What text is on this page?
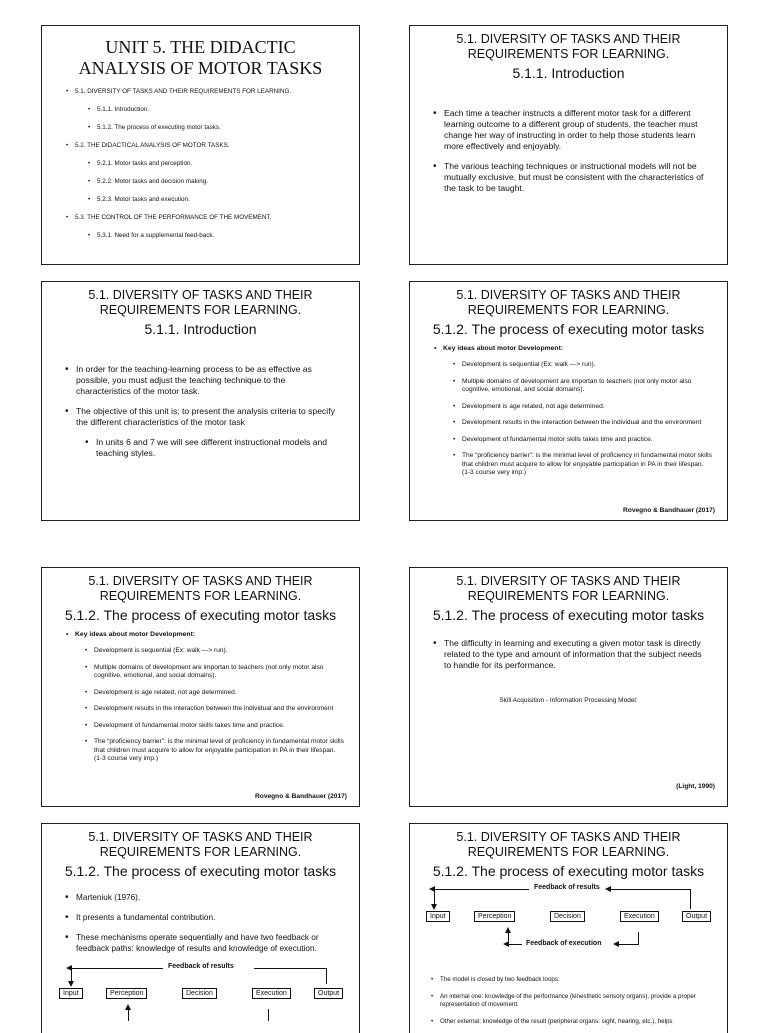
UNIT 5. THE DIDACTIC
ANALYSIS OF MOTOR TASKS
• 5.1. DIVERSITY OF TASKS AND THEIR REQUIREMENTS FOR LEARNING.
• 5.1.1. Introduction.
• 5.1.2. The process of executing motor tasks.
• 5.2. THE DIDACTICAL ANALYSIS OF MOTOR TASKS.
• 5.2.1. Motor tasks and perception.
• 5.2.2. Motor tasks and decision making.
• 5.2.3. Motor tasks and execution.
• 5.3. THE CONTROL OF THE PERFORMANCE OF THE MOVEMENT.
• 5.3.1. Need for a supplemental feed-back.
5.1. DIVERSITY OF TASKS AND THEIR
REQUIREMENTS FOR LEARNING.
5.1.1. Introduction
• Each time a teacher instructs a different motor task for a different learning outcome to a different group of students, the teacher must change her way of instructing in order to help those students learn more effectively and enjoyably.
• The various teaching techniques or instructional models will not be mutually exclusive, but must be consistent with the characteristics of the task to be taught.
5.1. DIVERSITY OF TASKS AND THEIR
REQUIREMENTS FOR LEARNING.
5.1.1. Introduction
• In order for the teaching-learning process to be as effective as possible, you must adjust the teaching technique to the characteristics of the motor task.
• The objective of this unit is: to present the analysis criteria to specify the different characteristics of the motor task
• In units 6 and 7 we will see different instructional models and teaching styles.
5.1. DIVERSITY OF TASKS AND THEIR
REQUIREMENTS FOR LEARNING.
5.1.2. The process of executing motor tasks
• Key ideas about motor Development:
• Development is sequential (Ex: walk —> run).
• Multiple domains of development are importan to teachers (not only motor also cognitive, emotional, and social domains).
• Development is age related, not age determined.
• Development results in the interaction between the individual and the environment
• Development of fundamental motor skills takes time and practice.
• The “proficiency barrier”: is the minimal level of proficiency in fundamental motor skills that children must acquire to allow for enjoyable participation in PA in their lifespan. (1-3 course very imp.)
Rovegno & Bandhauer (2017)
5.1. DIVERSITY OF TASKS AND THEIR
REQUIREMENTS FOR LEARNING.
5.1.2. The process of executing motor tasks
• Key ideas about motor Development:
• Development is sequential (Ex: walk —> run).
• Multiple domains of development are importan to teachers (not only motor also cognitive, emotional, and social domains).
• Development is age related, not age determined.
• Development results in the interaction between the individual and the environment
• Development of fundamental motor skills takes time and practice.
• The “proficiency barrier”: is the minimal level of proficiency in fundamental motor skills that children must acquire to allow for enjoyable participation in PA in their lifespan. (1-3 course very imp.)
Rovegno & Bandhauer (2017)
5.1. DIVERSITY OF TASKS AND THEIR
REQUIREMENTS FOR LEARNING.
5.1.2. The process of executing motor tasks
• The difficulty in learning and executing a given motor task is directly related to the type and amount of information that the subject needs to handle for its performance.
Skill Acquisition - Information Processing Model:
(Light, 1990)
5.1. DIVERSITY OF TASKS AND THEIR
REQUIREMENTS FOR LEARNING.
5.1.2. The process of executing motor tasks
• Marteniuk (1976).
• It presents a fundamental contribution.
• These mechanisms operate sequentially and have two feedback or feedback paths: knowledge of results and knowledge of execution.
Feedback of results
Input	Perception	Decision	Execution	Output
5.1. DIVERSITY OF TASKS AND THEIR
REQUIREMENTS FOR LEARNING.
5.1.2. The process of executing motor tasks
Feedback of results
Input	Perception	Decision	Execution	Output
Feedback of execution
• The model is closed by two feedback loops:
• An internal one: knowledge of the performance (kinesthetic sensory organs), provide a proper representation of movement.
• Other external: knowledge of the result (peripheral organs: sight, hearing, etc.), helps
